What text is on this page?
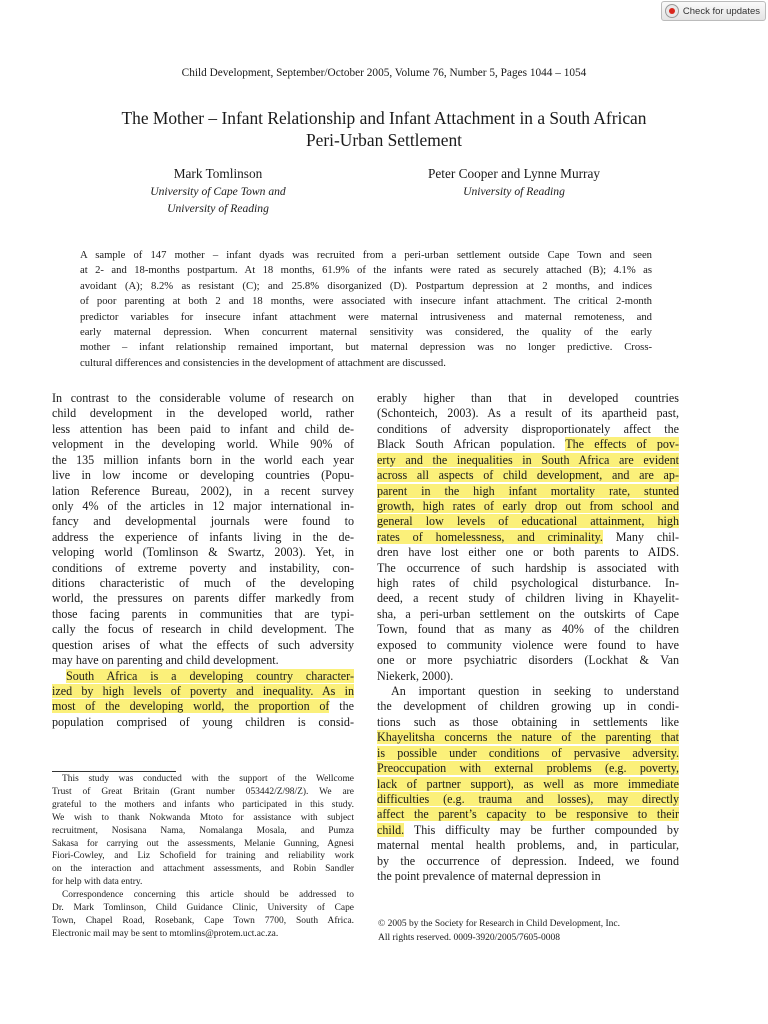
Check for updates
Child Development, September/October 2005, Volume 76, Number 5, Pages 1044 – 1054
The Mother – Infant Relationship and Infant Attachment in a South African
Peri-Urban Settlement
Mark Tomlinson
University of Cape Town and
University of Reading
Peter Cooper and Lynne Murray
University of Reading

A sample of 147 mother – infant dyads was recruited from a peri-urban settlement outside Cape Town and seen

at 2- and 18-months postpartum. At 18 months, 61.9% of the infants were rated as securely attached (B); 4.1% as

avoidant (A); 8.2% as resistant (C); and 25.8% disorganized (D). Postpartum depression at 2 months, and indices

of poor parenting at both 2 and 18 months, were associated with insecure infant attachment. The critical 2-month

predictor variables for insecure infant attachment were maternal intrusiveness and maternal remoteness, and

early maternal depression. When concurrent maternal sensitivity was considered, the quality of the early

mother – infant relationship remained important, but maternal depression was no longer predictive. Cross-

cultural differences and consistencies in the development of attachment are discussed.

In contrast to the considerable volume of research on

child development in the developed world, rather

less attention has been paid to infant and child de-

velopment in the developing world. While 90% of

the 135 million infants born in the world each year

live in low income or developing countries (Popu-

lation Reference Bureau, 2002), in a recent survey

only 4% of the articles in 12 major international in-

fancy and developmental journals were found to

address the experience of infants living in the de-

veloping world (Tomlinson & Swartz, 2003). Yet, in

conditions of extreme poverty and instability, con-

ditions characteristic of much of the developing

world, the pressures on parents differ markedly from

those facing parents in communities that are typi-

cally the focus of research in child development. The

question arises of what the effects of such adversity

may have on parenting and child development.

South Africa is a developing country character-

ized by high levels of poverty and inequality. As in

most of the developing world, the proportion of the

population comprised of young children is consid-

erably higher than that in developed countries

(Schonteich, 2003). As a result of its apartheid past,

conditions of adversity disproportionately affect the

Black South African population. The effects of pov-

erty and the inequalities in South Africa are evident

across all aspects of child development, and are ap-

parent in the high infant mortality rate, stunted

growth, high rates of early drop out from school and

general low levels of educational attainment, high

rates of homelessness, and criminality. Many chil-

dren have lost either one or both parents to AIDS.

The occurrence of such hardship is associated with

high rates of child psychological disturbance. In-

deed, a recent study of children living in Khayelit-

sha, a peri-urban settlement on the outskirts of Cape

Town, found that as many as 40% of the children

exposed to community violence were found to have

one or more psychiatric disorders (Lockhat & Van

Niekerk, 2000).

An important question in seeking to understand

the development of children growing up in condi-

tions such as those obtaining in settlements like

Khayelitsha concerns the nature of the parenting that

is possible under conditions of pervasive adversity.

Preoccupation with external problems (e.g. poverty,

lack of partner support), as well as more immediate

difficulties (e.g. trauma and losses), may directly

affect the parent’s capacity to be responsive to their

child. This difficulty may be further compounded by

maternal mental health problems, and, in particular,

by the occurrence of depression. Indeed, we found

the point prevalence of maternal depression in

This study was conducted with the support of the Wellcome

Trust of Great Britain (Grant number 053442/Z/98/Z). We are

grateful to the mothers and infants who participated in this study.

We wish to thank Nokwanda Mtoto for assistance with subject

recruitment, Nosisana Nama, Nomalanga Mosala, and Pumza

Sakasa for carrying out the assessments, Melanie Gunning, Agnesi

Fiori-Cowley, and Liz Schofield for training and reliability work

on the interaction and attachment assessments, and Robin Sandler

for help with data entry.

Correspondence concerning this article should be addressed to

Dr. Mark Tomlinson, Child Guidance Clinic, University of Cape

Town, Chapel Road, Rosebank, Cape Town 7700, South Africa.

Electronic mail may be sent to mtomlins@protem.uct.ac.za.

© 2005 by the Society for Research in Child Development, Inc.
All rights reserved. 0009-3920/2005/7605-0008
